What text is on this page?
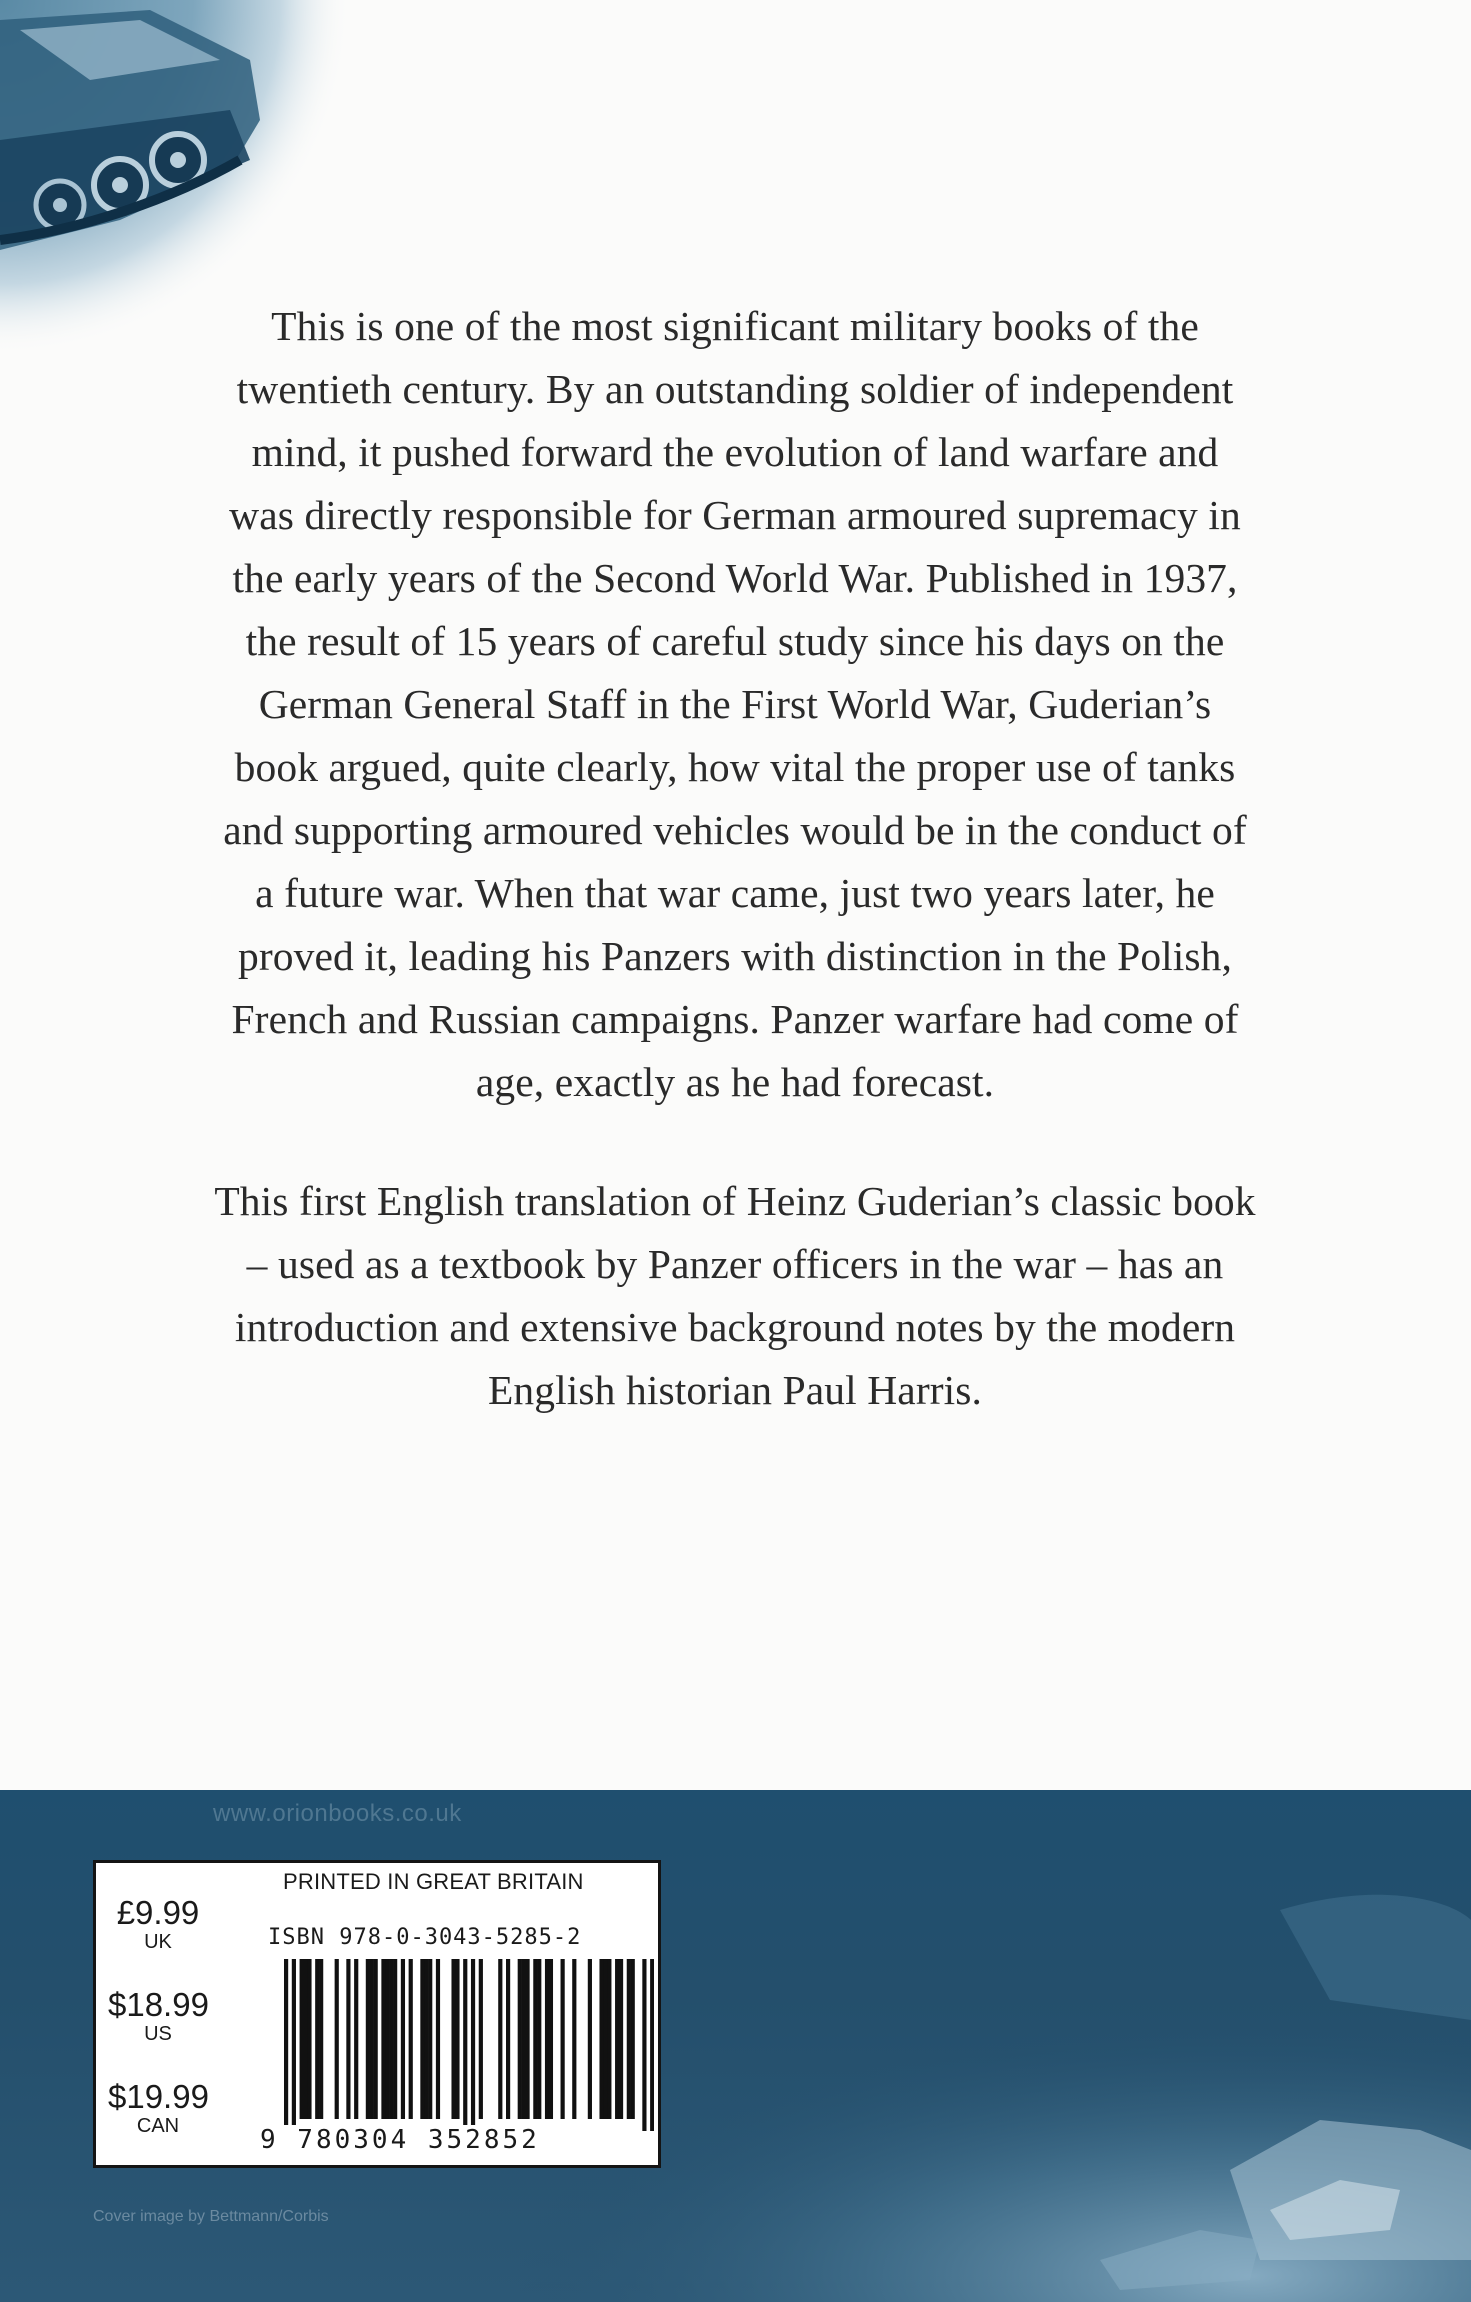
This is one of the most significant military books of the

twentieth century. By an outstanding soldier of independent

mind, it pushed forward the evolution of land warfare and

was directly responsible for German armoured supremacy in

the early years of the Second World War. Published in 1937,

the result of 15 years of careful study since his days on the

German General Staff in the First World War, Guderian’s

book argued, quite clearly, how vital the proper use of tanks

and supporting armoured vehicles would be in the conduct of

a future war. When that war came, just two years later, he

proved it, leading his Panzers with distinction in the Polish,

French and Russian campaigns. Panzer warfare had come of

age, exactly as he had forecast.

This first English translation of Heinz Guderian’s classic book

– used as a textbook by Panzer officers in the war – has an

introduction and extensive background notes by the modern

English historian Paul Harris.

www.orionbooks.co.uk
Cover image by Bettmann/Corbis
£9.99
UK
$18.99
US
$19.99
CAN
PRINTED IN GREAT BRITAIN
ISBN 978-0-3043-5285-2
9 780304 352852
